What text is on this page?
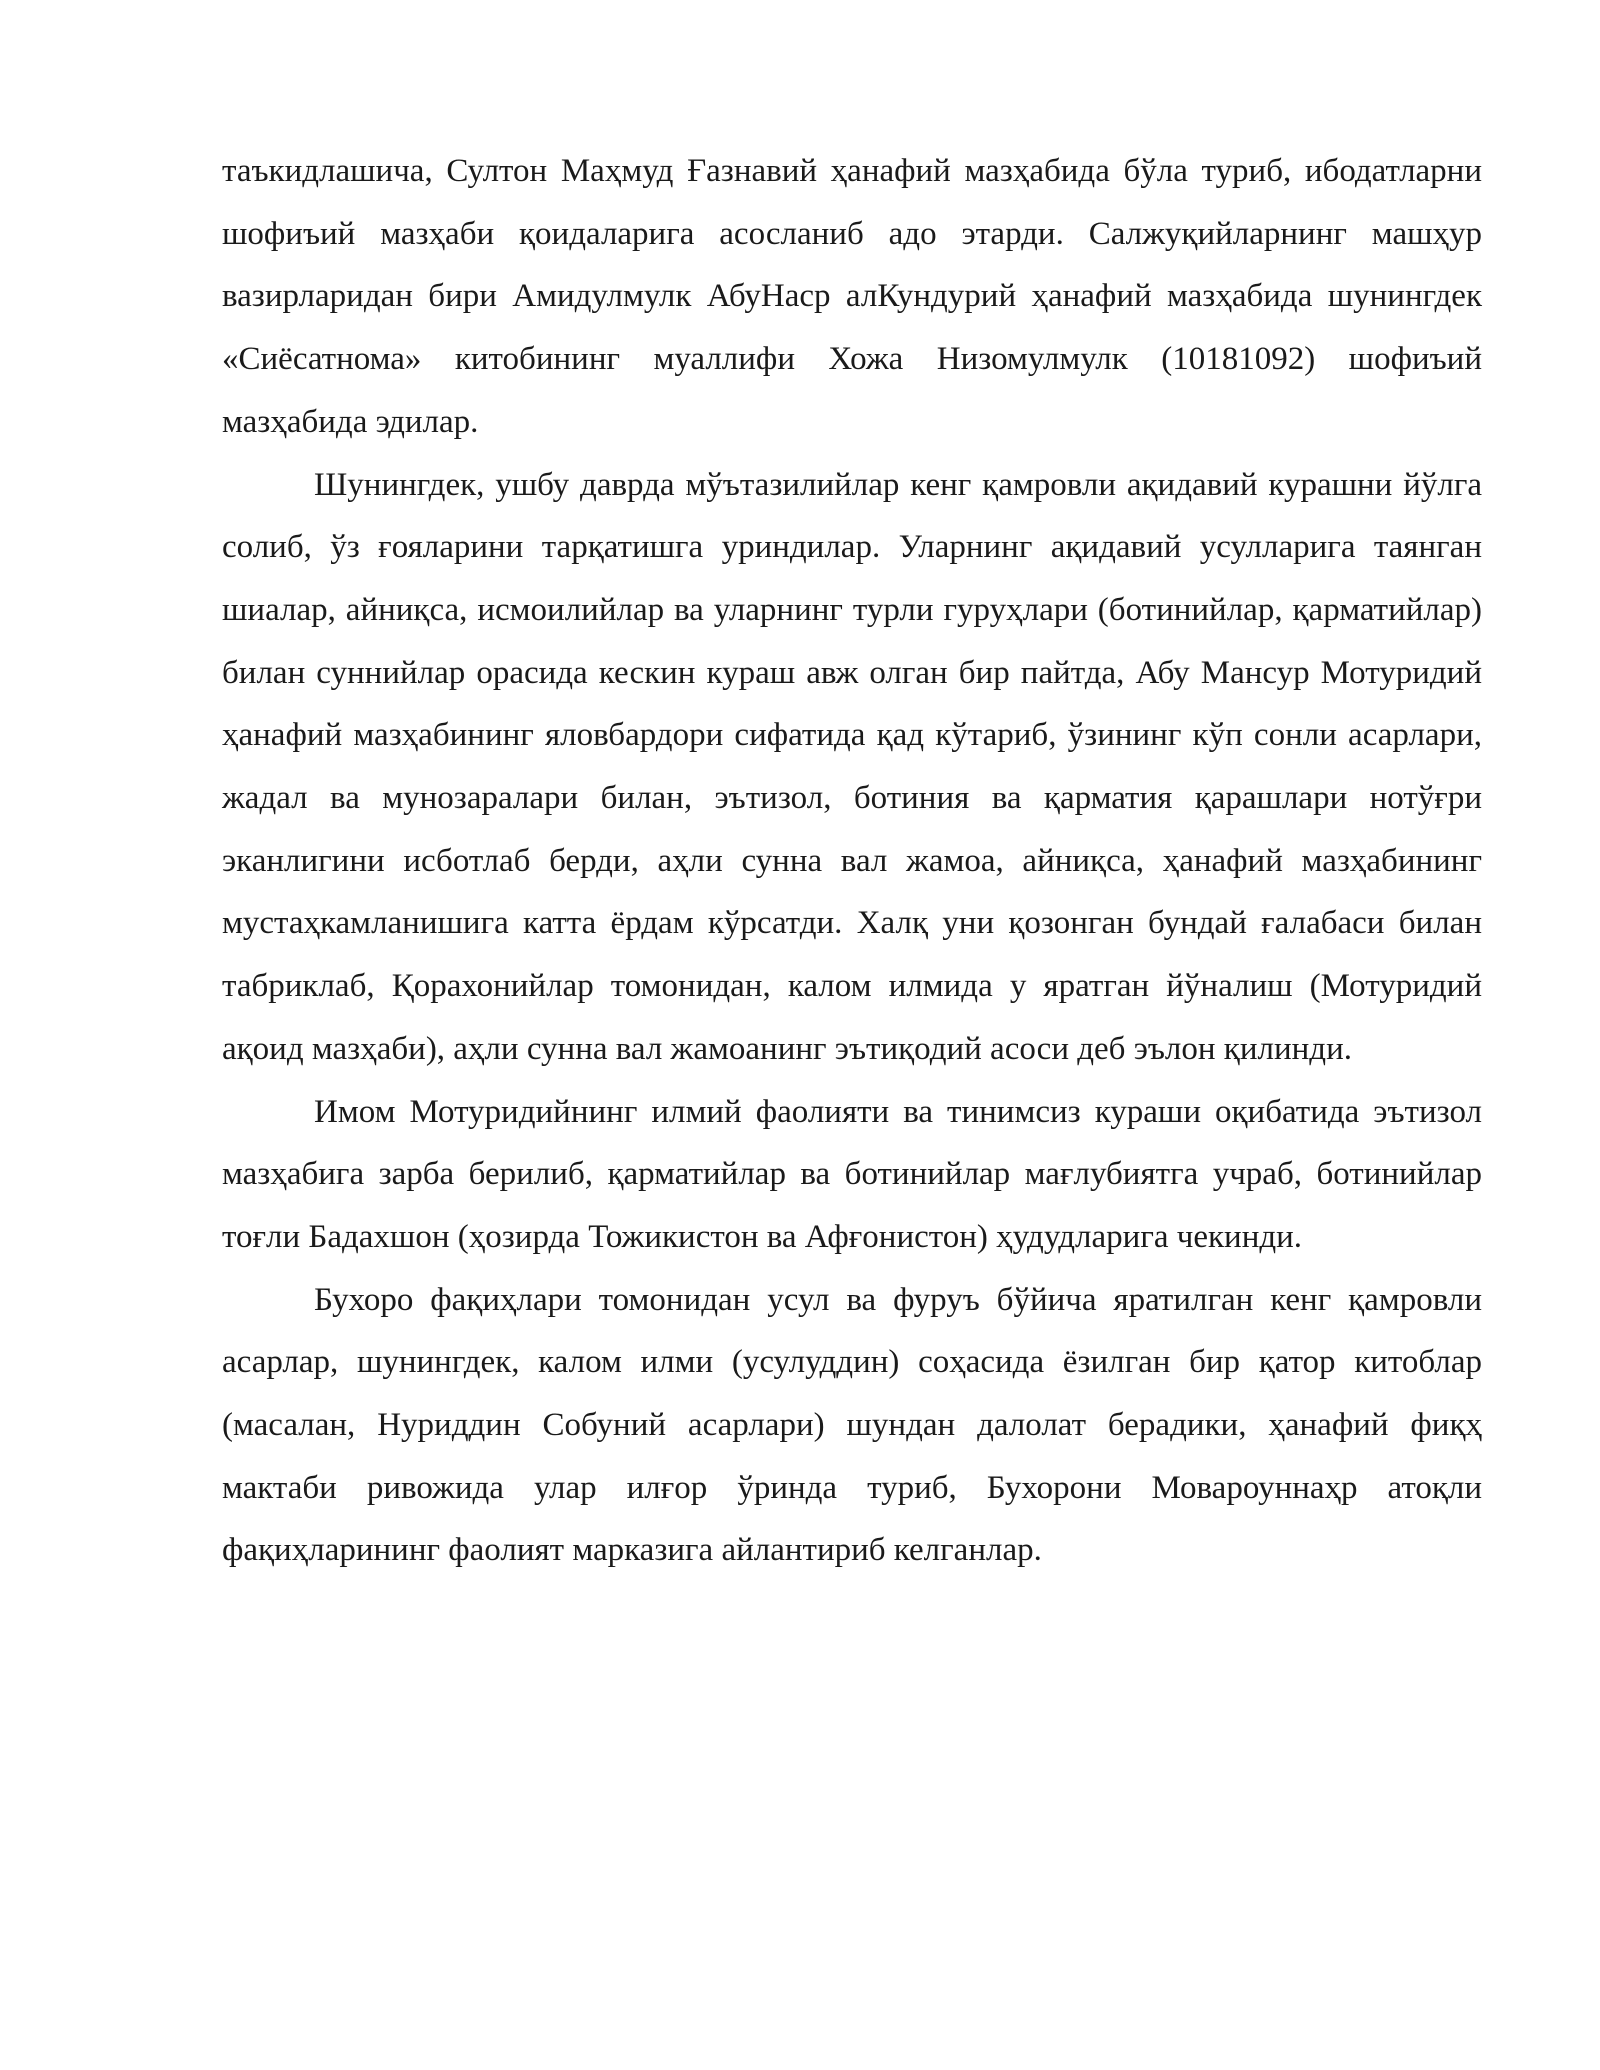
таъкидлашича, Султон Маҳмуд Ғазнавий ҳанафий мазҳабида бўла туриб, ибодатларни шофиъий мазҳаби қоидаларига асосланиб адо этарди. Салжуқийларнинг машҳур вазирларидан бири Амидулмулк АбуНаср алКундурий ҳанафий мазҳабида шунингдек «Сиёсатнома» китобининг муаллифи Хожа Низомулмулк (10181092) шофиъий мазҳабида эдилар.

Шунингдек, ушбу даврда мўътазилийлар кенг қамровли ақидавий курашни йўлга солиб, ўз ғояларини тарқатишга уриндилар. Уларнинг ақидавий усулларига таянган шиалар, айниқса, исмоилийлар ва уларнинг турли гуруҳлари (ботинийлар, қарматийлар) билан суннийлар орасида кескин кураш авж олган бир пайтда, Абу Мансур Мотуридий ҳанафий мазҳабининг яловбардори сифатида қад кўтариб, ўзининг кўп сонли асарлари, жадал ва мунозаралари билан, эътизол, ботиния ва қарматия қарашлари нотўғри эканлигини исботлаб берди, аҳли сунна вал жамоа, айниқса, ҳанафий мазҳабининг мустаҳкамланишига катта ёрдам кўрсатди. Халқ уни қозонган бундай ғалабаси билан табриклаб, Қорахонийлар томонидан, калом илмида у яратган йўналиш (Мотуридий ақоид мазҳаби), аҳли сунна вал жамоанинг эътиқодий асоси деб эълон қилинди.

Имом Мотуридийнинг илмий фаолияти ва тинимсиз кураши оқибатида эътизол мазҳабига зарба берилиб, қарматийлар ва ботинийлар мағлубиятга учраб, ботинийлар тоғли Бадахшон (ҳозирда Тожикистон ва Афғонистон) ҳудудларига чекинди.

Бухоро фақиҳлари томонидан усул ва фуруъ бўйича яратилган кенг қамровли асарлар, шунингдек, калом илми (усулуддин) соҳасида ёзилган бир қатор китоблар (масалан, Нуриддин Собуний асарлари) шундан далолат берадики, ҳанафий фиқҳ мактаби ривожида улар илғор ўринда туриб, Бухорони Мовароуннаҳр атоқли фақиҳларининг фаолият марказига айлантириб келганлар.
